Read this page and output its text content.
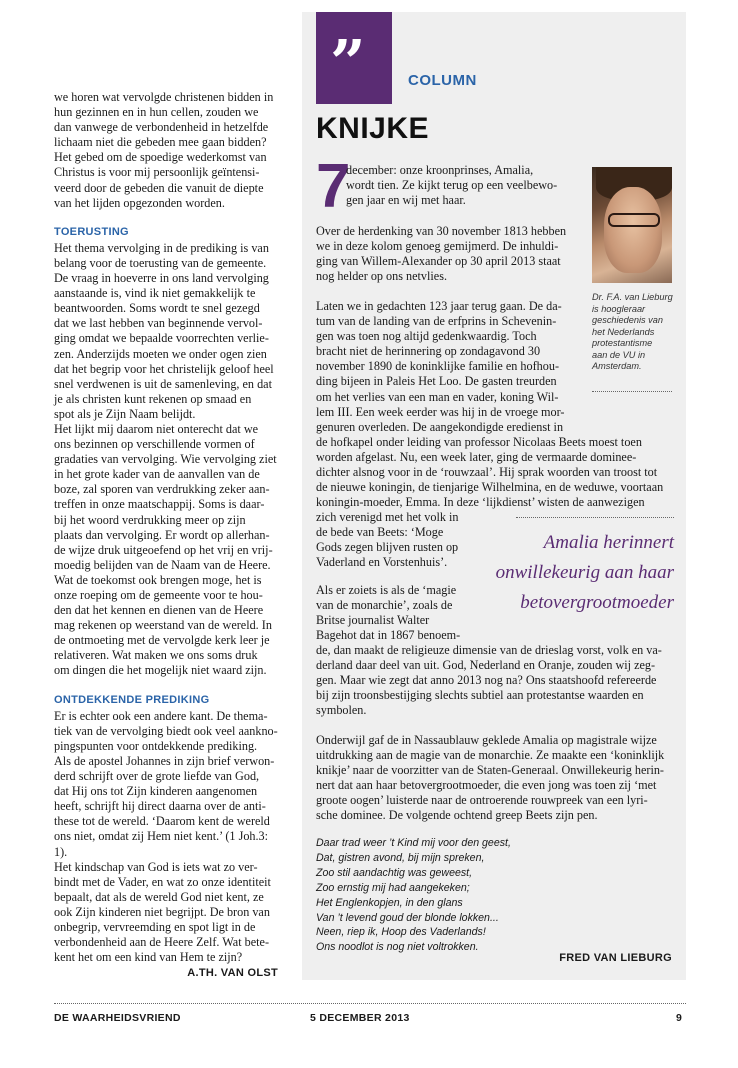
we horen wat vervolgde christenen bidden in
hun gezinnen en in hun cellen, zouden we
dan vanwege de verbondenheid in hetzelfde
lichaam niet die gebeden mee gaan bidden?
Het gebed om de spoedige wederkomst van
Christus is voor mij persoonlijk geïntensi-
veerd door de gebeden die vanuit de diepte
van het lijden opgezonden worden.
TOERUSTING
Het thema vervolging in de prediking is van
belang voor de toerusting van de gemeente.
De vraag in hoeverre in ons land vervolging
aanstaande is, vind ik niet gemakkelijk te
beantwoorden. Soms wordt te snel gezegd
dat we last hebben van beginnende vervol-
ging omdat we bepaalde voorrechten verlie-
zen. Anderzijds moeten we onder ogen zien
dat het begrip voor het christelijk geloof heel
snel verdwenen is uit de samenleving, en dat
je als christen kunt rekenen op smaad en
spot als je Zijn Naam belijdt.
Het lijkt mij daarom niet onterecht dat we
ons bezinnen op verschillende vormen of
gradaties van vervolging. Wie vervolging ziet
in het grote kader van de aanvallen van de
boze, zal sporen van verdrukking zeker aan-
treffen in onze maatschappij. Soms is daar-
bij het woord verdrukking meer op zijn
plaats dan vervolging. Er wordt op allerhan-
de wijze druk uitgeoefend op het vrij en vrij-
moedig belijden van de Naam van de Heere.
Wat de toekomst ook brengen moge, het is
onze roeping om de gemeente voor te hou-
den dat het kennen en dienen van de Heere
mag rekenen op weerstand van de wereld. In
de ontmoeting met de vervolgde kerk leer je
relativeren. Wat maken we ons soms druk
om dingen die het mogelijk niet waard zijn.
ONTDEKKENDE PREDIKING
Er is echter ook een andere kant. De thema-
tiek van de vervolging biedt ook veel aankno-
pingspunten voor ontdekkende prediking.
Als de apostel Johannes in zijn brief verwon-
derd schrijft over de grote liefde van God,
dat Hij ons tot Zijn kinderen aangenomen
heeft, schrijft hij direct daarna over de anti-
these tot de wereld. ‘Daarom kent de wereld
ons niet, omdat zij Hem niet kent.’ (1 Joh.3:
1).
Het kindschap van God is iets wat zo ver-
bindt met de Vader, en wat zo onze identiteit
bepaalt, dat als de wereld God niet kent, ze
ook Zijn kinderen niet begrijpt. De bron van
onbegrip, vervreemding en spot ligt in de
verbondenheid aan de Heere Zelf. Wat bete-
kent het om een kind van Hem te zijn?
A.TH. VAN OLST
”	COLUMN
KNIJKE
7
december: onze kroonprinses, Amalia,
wordt tien. Ze kijkt terug op een veelbewo-
gen jaar en wij met haar.
Dr. F.A. van Lieburg
is hoogleraar
geschiedenis van
het Nederlands
protestantisme
aan de VU in
Amsterdam.
Over de herdenking van 30 november 1813 hebben
we in deze kolom genoeg gemijmerd. De inhuldi-
ging van Willem-Alexander op 30 april 2013 staat
nog helder op ons netvlies.
Laten we in gedachten 123 jaar terug gaan. De da-
tum van de landing van de erfprins in Schevenin-
gen was toen nog altijd gedenkwaardig. Toch
bracht niet de herinnering op zondagavond 30
november 1890 de koninklijke familie en hofhou-
ding bijeen in Paleis Het Loo. De gasten treurden
om het verlies van een man en vader, koning Wil-
lem III. Een week eerder was hij in de vroege mor-
genuren overleden. De aangekondigde eredienst in
de hofkapel onder leiding van professor Nicolaas Beets moest toen
worden afgelast. Nu, een week later, ging de vermaarde dominee-
dichter alsnog voor in de ‘rouwzaal’. Hij sprak woorden van troost tot
de nieuwe koningin, de tienjarige Wilhelmina, en de weduwe, voortaan
koningin-moeder, Emma. In deze ‘lijkdienst’ wisten de aanwezigen
zich verenigd met het volk in
de bede van Beets: ‘Moge
Gods zegen blijven rusten op
Vaderland en Vorstenhuis’.
Amalia herinnert
onwillekeurig aan haar
betovergrootmoeder
Als er zoiets is als de ‘magie
van de monarchie’, zoals de
Britse journalist Walter
Bagehot dat in 1867 benoem-
de, dan maakt de religieuze dimensie van de drieslag vorst, volk en va-
derland daar deel van uit. God, Nederland en Oranje, zouden wij zeg-
gen. Maar wie zegt dat anno 2013 nog na? Ons staatshoofd refereerde
bij zijn troonsbestijging slechts subtiel aan protestantse waarden en
symbolen.
Onderwijl gaf de in Nassaublauw geklede Amalia op magistrale wijze
uitdrukking aan de magie van de monarchie. Ze maakte een ‘koninklijk
knikje’ naar de voorzitter van de Staten-Generaal. Onwillekeurig herin-
nert dat aan haar betovergrootmoeder, die even jong was toen zij ‘met
groote oogen’ luisterde naar de ontroerende rouwpreek van een lyri-
sche dominee. De volgende ochtend greep Beets zijn pen.
Daar trad weer ’t Kind mij voor den geest,
Dat, gistren avond, bij mijn spreken,
Zoo stil aandachtig was geweest,
Zoo ernstig mij had aangekeken;
Het Englenkopjen, in den glans
Van ’t levend goud der blonde lokken...
Neen, riep ik, Hoop des Vaderlands!
Ons noodlot is nog niet voltrokken.
FRED VAN LIEBURG
DE WAARHEIDSVRIEND	5 DECEMBER 2013	9
